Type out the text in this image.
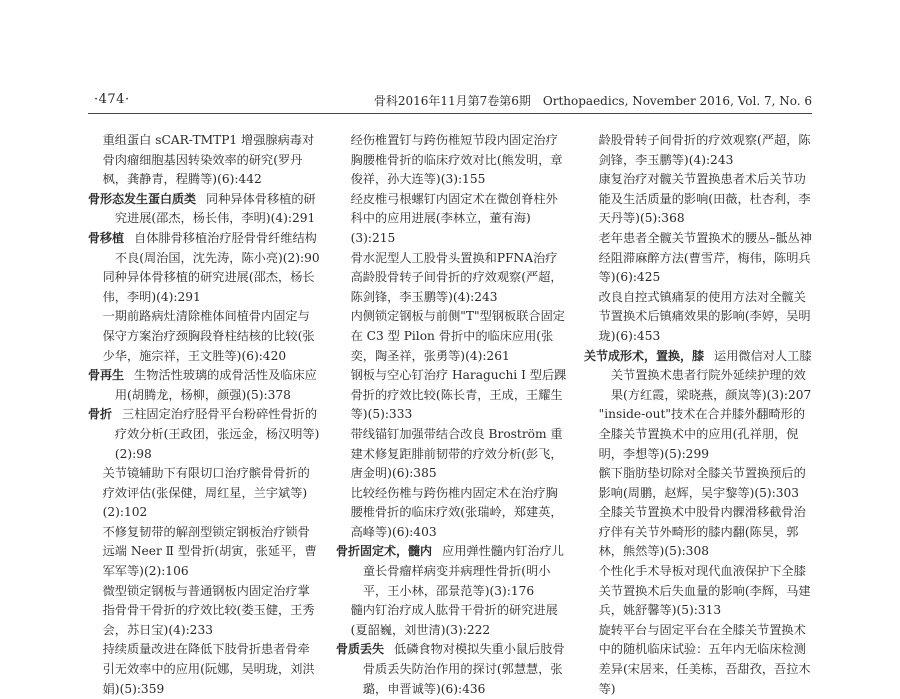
·474·	骨科2016年11月第7卷第6期　Orthopaedics, November 2016, Vol. 7, No. 6

重组蛋白 sCAR-TMTP1 增强腺病毒对骨肉瘤细胞基因转染效率的研究(罗丹枫，龚静青，程腾等)(6):442

骨形态发生蛋白质类 同种异体骨移植的研究进展(邵杰，杨长伟，李明)(4):291

骨移植 自体腓骨移植治疗胫骨骨纤维结构不良(周治国，沈先涛，陈小亮)(2):90

同种异体骨移植的研究进展(邵杰，杨长伟，李明)(4):291

一期前路病灶清除椎体间植骨内固定与保守方案治疗颈胸段脊柱结核的比较(张少华，施宗祥，王文胜等)(6):420

骨再生 生物活性玻璃的成骨活性及临床应用(胡腾龙，杨柳，颜强)(5):378

骨折 三柱固定治疗胫骨平台粉碎性骨折的疗效分析(王政团，张远金，杨汉明等)(2):98

关节镜辅助下有限切口治疗髌骨骨折的疗效评估(张保健，周红星，兰宇斌等)(2):102

不修复韧带的解剖型锁定钢板治疗锁骨远端 Neer Ⅱ 型骨折(胡寅，张延平，曹军军等)(2):106

微型锁定钢板与普通钢板内固定治疗掌指骨骨干骨折的疗效比较(娄玉健，王秀会，苏日宝)(4):233

持续质量改进在降低下肢骨折患者骨牵引无效率中的应用(阮娜，吴明珑，刘洪娟)(5):359

经伤椎置钉与跨伤椎短节段内固定治疗胸腰椎骨折的临床疗效对比(熊发明，章俊祥，孙大连等)(3):155

经皮椎弓根螺钉内固定术在微创脊柱外科中的应用进展(李林立，董有海)(3):215

骨水泥型人工股骨头置换和PFNA治疗高龄股骨转子间骨折的疗效观察(严超，陈剑锋，李玉鹏等)(4):243

内侧锁定钢板与前侧"T"型钢板联合固定在 C3 型 Pilon 骨折中的临床应用(张奕，陶圣祥，张勇等)(4):261

钢板与空心钉治疗 Haraguchi Ⅰ 型后踝骨折的疗效比较(陈长青，王成，王耀生等)(5):333

带线锚钉加强带结合改良 Broström 重建术修复距腓前韧带的疗效分析(彭飞，唐金明)(6):385

比较经伤椎与跨伤椎内固定术在治疗胸腰椎骨折的临床疗效(张瑞岭，郑建英，高峰等)(6):403

骨折固定术，髓内 应用弹性髓内钉治疗儿童长骨瘤样病变并病理性骨折(明小平，王小林，邵景范等)(3):176

髓内钉治疗成人肱骨干骨折的研究进展(夏韶巍，刘世清)(3):222

骨质丢失 低磷食物对模拟失重小鼠后肢骨骨质丢失防治作用的探讨(郭慧慧，张璐，申晋诚等)(6):436

龄股骨转子间骨折的疗效观察(严超，陈剑锋，李玉鹏等)(4):243

康复治疗对髋关节置换患者术后关节功能及生活质量的影响(田薇，杜杏利，李天丹等)(5):368

老年患者全髋关节置换术的腰丛–骶丛神经阻滞麻醉方法(曹雪芹，梅伟，陈明兵等)(6):425

改良自控式镇痛泵的使用方法对全髋关节置换术后镇痛效果的影响(李婷，吴明珑)(6):453

关节成形术，置换，膝 运用微信对人工膝关节置换术患者行院外延续护理的效果(方红霞，梁晓燕，颜岚等)(3):207

"inside-out"技术在合并膝外翻畸形的全膝关节置换术中的应用(孔祥朋，倪明，李想等)(5):299

髌下脂肪垫切除对全膝关节置换预后的影响(周鹏，赵辉，吴宇黎等)(5):303

全膝关节置换术中股骨内髁滑移截骨治疗伴有关节外畸形的膝内翻(陈昊，郭林，熊然等)(5):308

个性化手术导板对现代血液保护下全膝关节置换术后失血量的影响(李辉，马建兵，姚舒馨等)(5):313

旋转平台与固定平台在全膝关节置换术中的随机临床试验：五年内无临床检测差异(宋居来，任美栋，吾甜孜，吾拉木等)
